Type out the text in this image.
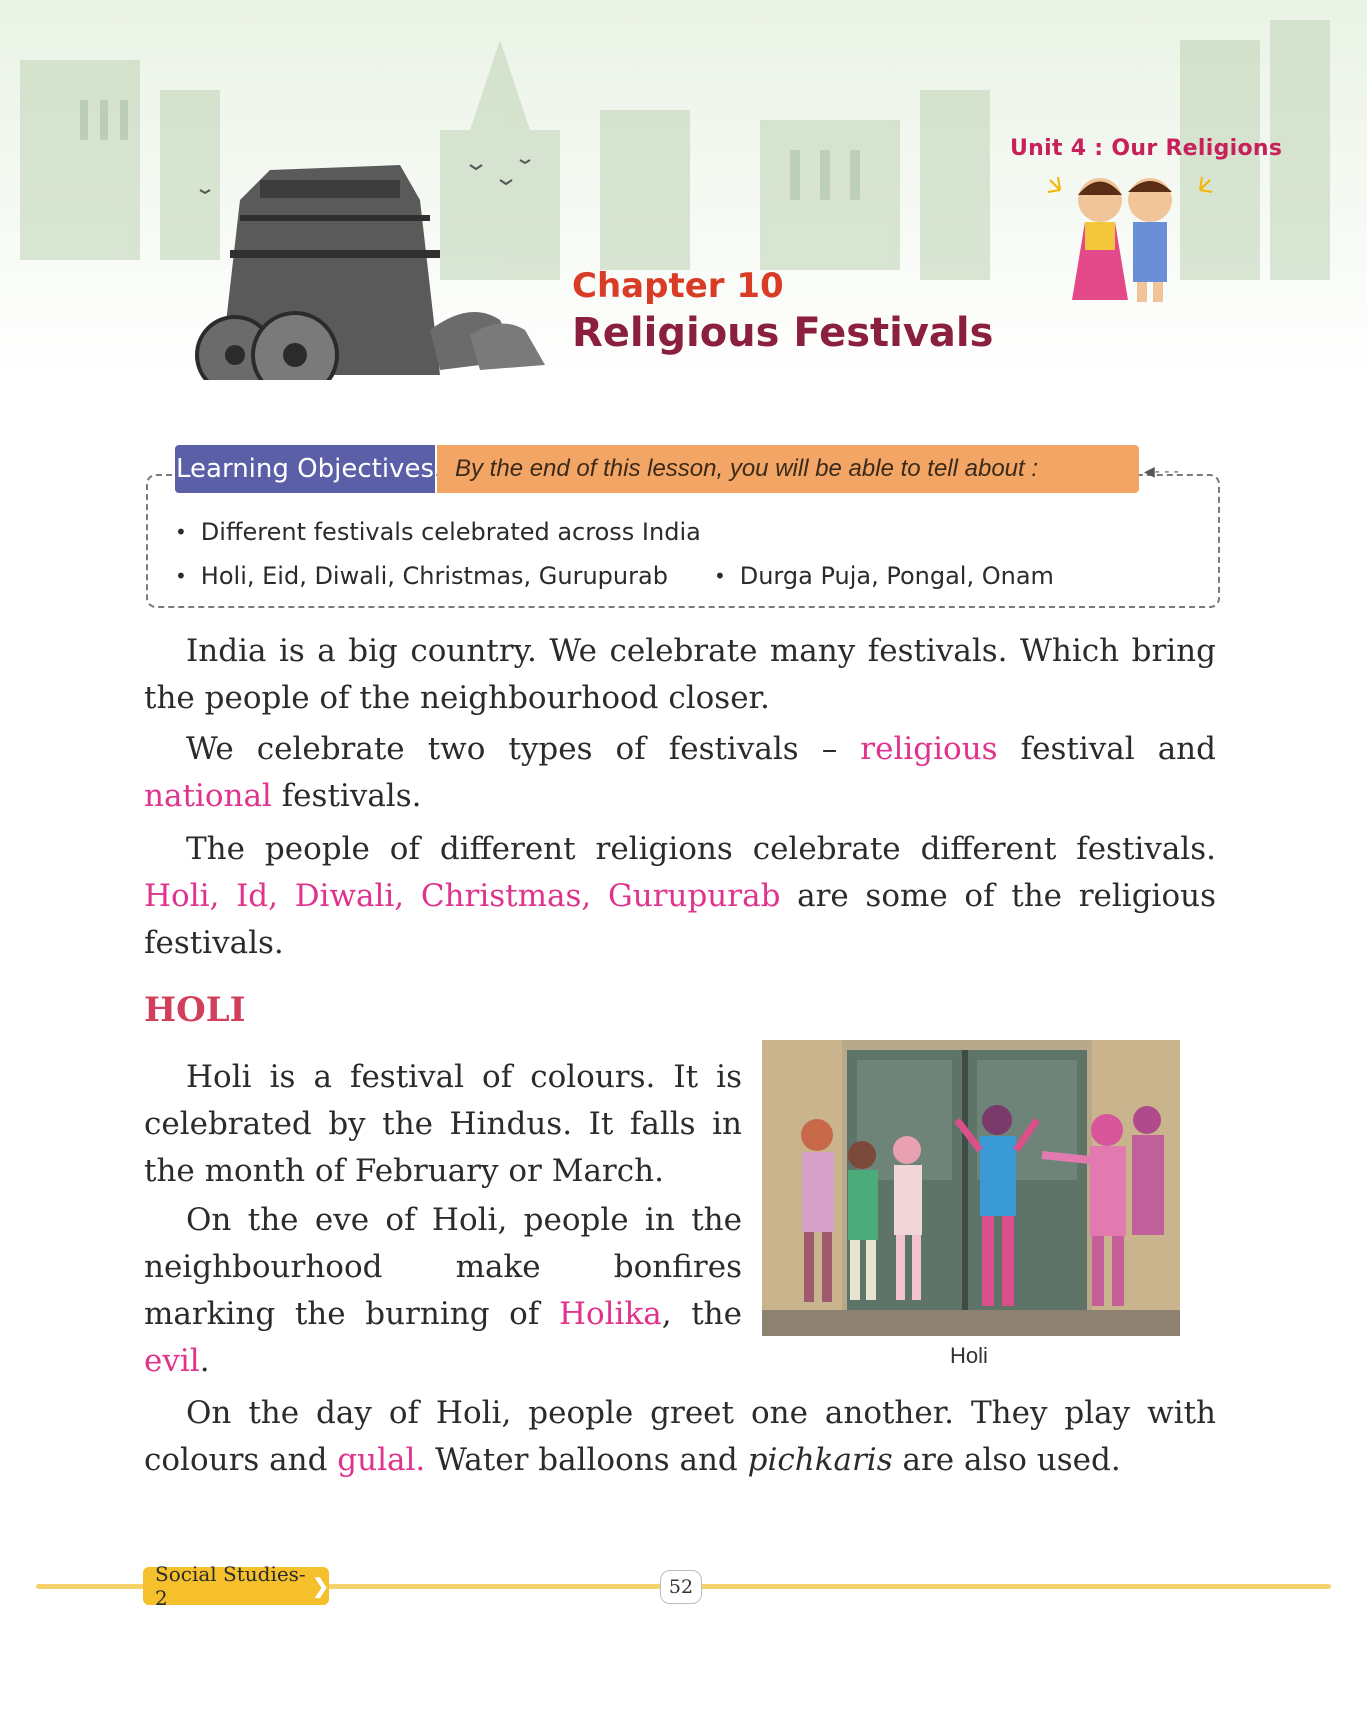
Unit 4 : Our Religions
Chapter 10
Religious Festivals
Learning Objectives By the end of this lesson, you will be able to tell about :	◀- - -
• Different festivals celebrated across India
• Holi, Eid, Diwali, Christmas, Gurupurab • Durga Puja, Pongal, Onam

India is a big country. We celebrate many festivals. Which bring the people of the neighbourhood closer.

We celebrate two types of festivals – religious festival and national festivals.

The people of different religions celebrate different festivals. Holi, Id, Diwali, Christmas, Gurupurab are some of the religious festivals.

HOLI

Holi is a festival of colours. It is celebrated by the Hindus. It falls in the month of February or March.

On the eve of Holi, people in the neighbourhood make bonfires marking the burning of Holika, the evil.

On the day of Holi, people greet one another. They play with colours and gulal. Water balloons and pichkaris are also used.

Holi
Social Studies-2	❯	52
